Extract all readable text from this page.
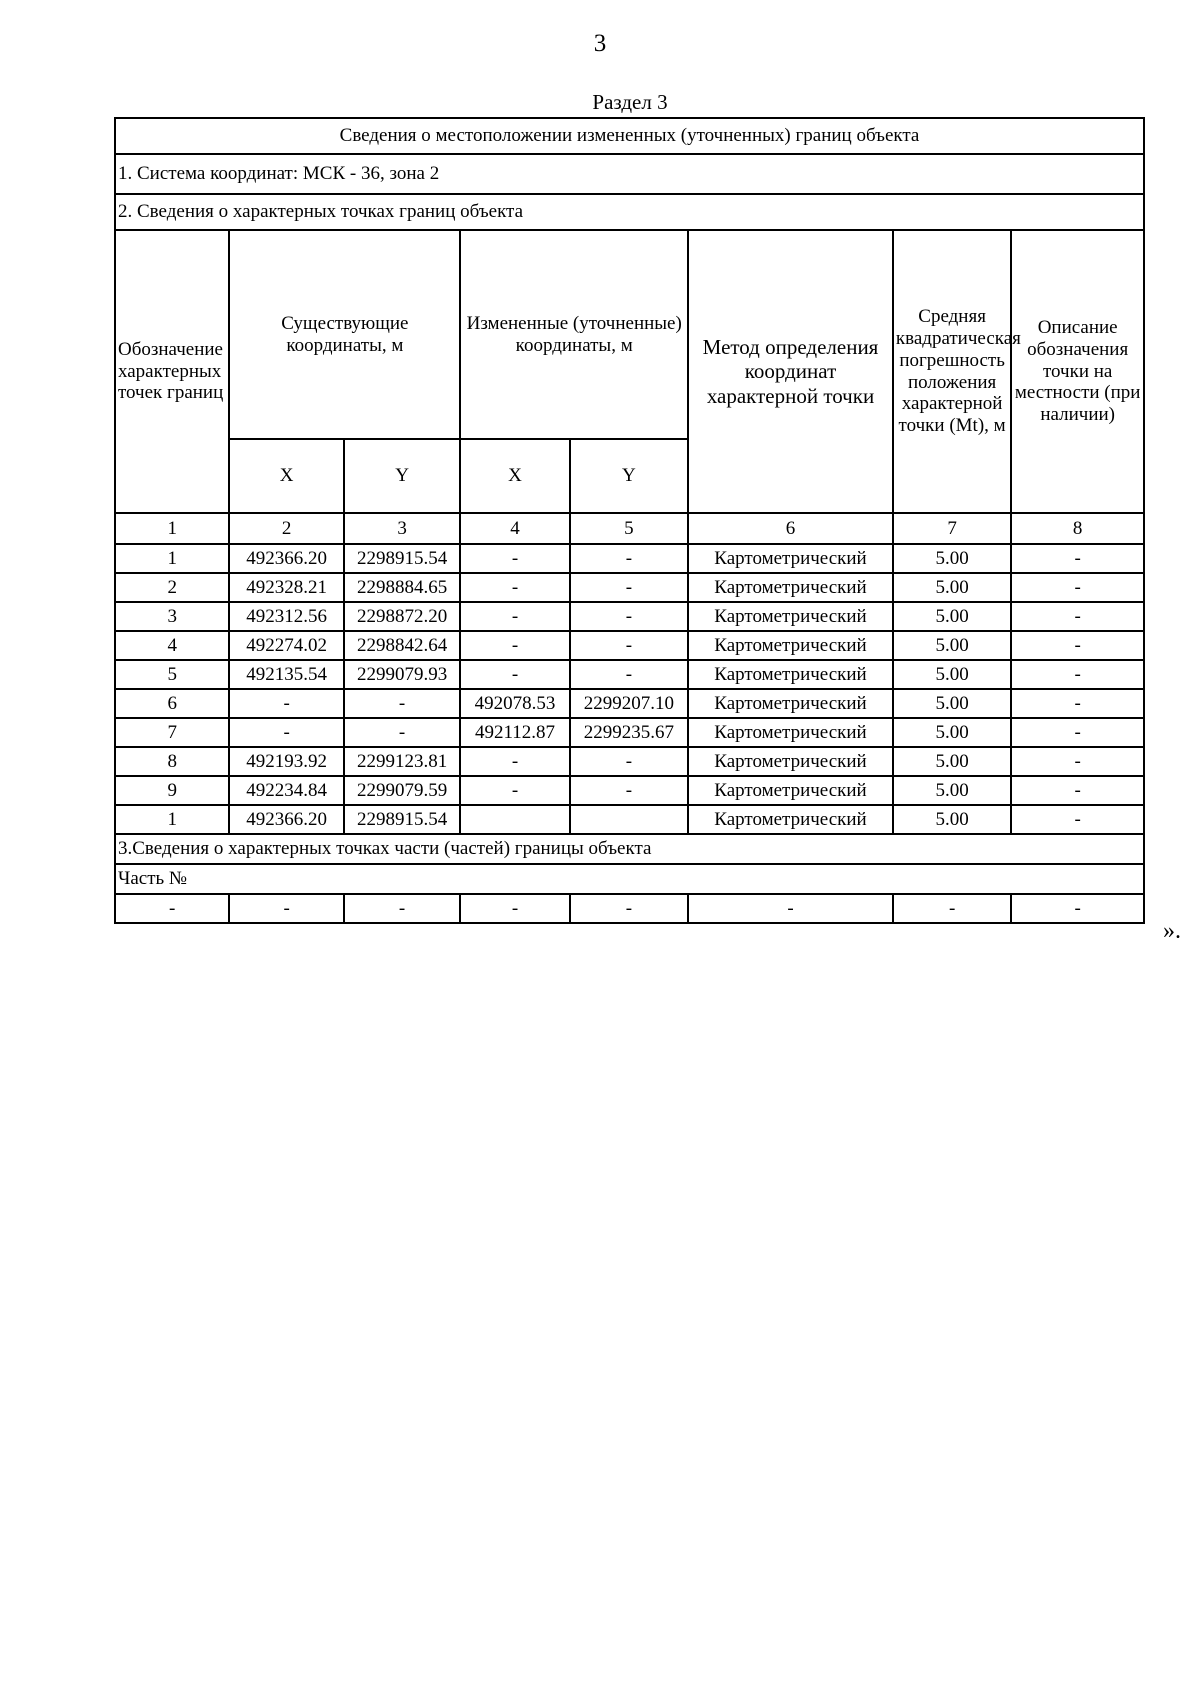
3
Раздел 3
Сведения о местоположении измененных (уточненных) границ объекта							
1. Система координат: МСК - 36, зона 2							
2. Сведения о характерных точках границ объекта							
Обозначение характерных точек границ	Существующие координаты, м		Измененные (уточненные) координаты, м		Метод определения координат характерной точки	Средняя квадратическая погрешность положения характерной точки (Mt), м	Описание обозначения точки на местности (при наличии)
	X	Y	X	Y			
1	2	3	4	5	6	7	8
1	492366.20	2298915.54	-	-	Картометрический	5.00	-
2	492328.21	2298884.65	-	-	Картометрический	5.00	-
3	492312.56	2298872.20	-	-	Картометрический	5.00	-
4	492274.02	2298842.64	-	-	Картометрический	5.00	-
5	492135.54	2299079.93	-	-	Картометрический	5.00	-
6	-	-	492078.53	2299207.10	Картометрический	5.00	-
7	-	-	492112.87	2299235.67	Картометрический	5.00	-
8	492193.92	2299123.81	-	-	Картометрический	5.00	-
9	492234.84	2299079.59	-	-	Картометрический	5.00	-
1	492366.20	2298915.54			Картометрический	5.00	-
3.Сведения о характерных точках части (частей) границы объекта							
Часть №							
-	-	-	-	-	-	-	-
».
